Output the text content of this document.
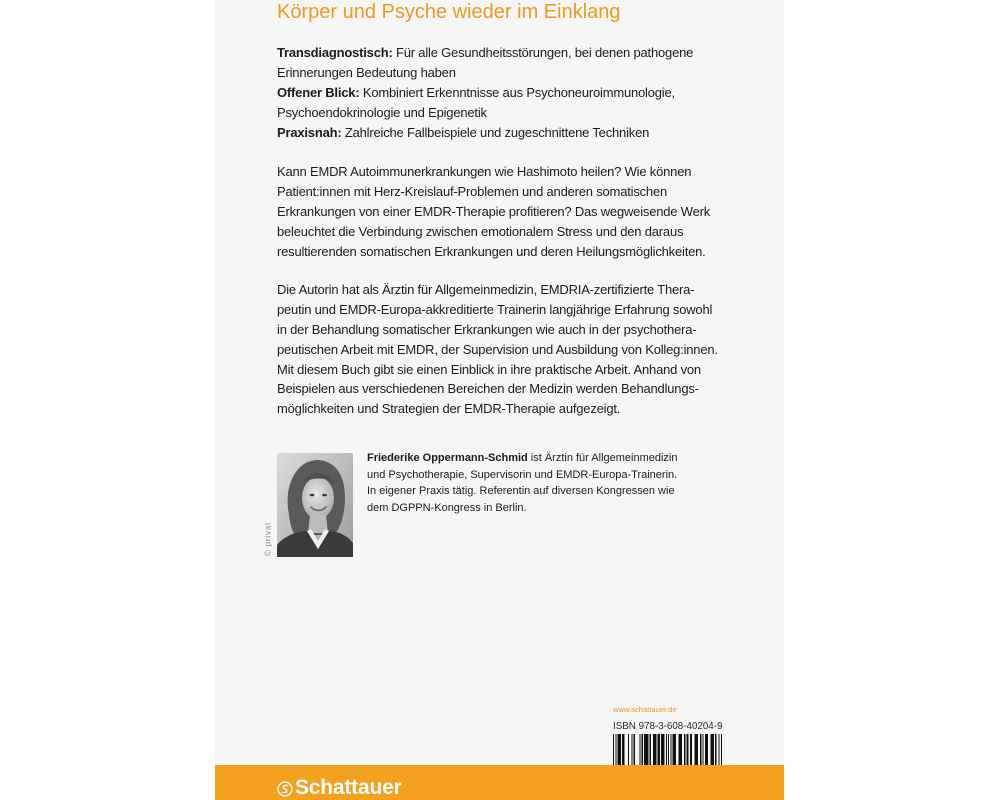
Körper und Psyche wieder im Einklang
Transdiagnostisch: Für alle Gesundheitsstörungen, bei denen pathogene
Erinnerungen Bedeutung haben
Offener Blick: Kombiniert Erkenntnisse aus Psychoneuroimmunologie,
Psychoendokrinologie und Epigenetik
Praxisnah: Zahlreiche Fallbeispiele und zugeschnittene Techniken
Kann EMDR Autoimmunerkrankungen wie Hashimoto heilen? Wie können
Patient:innen mit Herz-Kreislauf-Problemen und anderen somatischen
Erkrankungen von einer EMDR-Therapie profitieren? Das wegweisende Werk
beleuchtet die Verbindung zwischen emotionalem Stress und den daraus
resultierenden somatischen Erkrankungen und deren Heilungsmöglichkeiten.
Die Autorin hat als Ärztin für Allgemeinmedizin, EMDRIA-zertifizierte Thera-
peutin und EMDR-Europa-akkreditierte Trainerin langjährige Erfahrung sowohl
in der Behandlung somatischer Erkrankungen wie auch in der psychothera-
peutischen Arbeit mit EMDR, der Supervision und Ausbildung von Kolleg:innen.
Mit diesem Buch gibt sie einen Einblick in ihre praktische Arbeit. Anhand von
Beispielen aus verschiedenen Bereichen der Medizin werden Behandlungs-
möglichkeiten und Strategien der EMDR-Therapie aufgezeigt.
© privat
Friederike Oppermann-Schmid ist Ärztin für Allgemeinmedizin
und Psychotherapie, Supervisorin und EMDR-Europa-Trainerin.
In eigener Praxis tätig. Referentin auf diversen Kongressen wie
dem DGPPN-Kongress in Berlin.
www.schattauer.de
ISBN 978-3-608-40204-9
Schattauer
